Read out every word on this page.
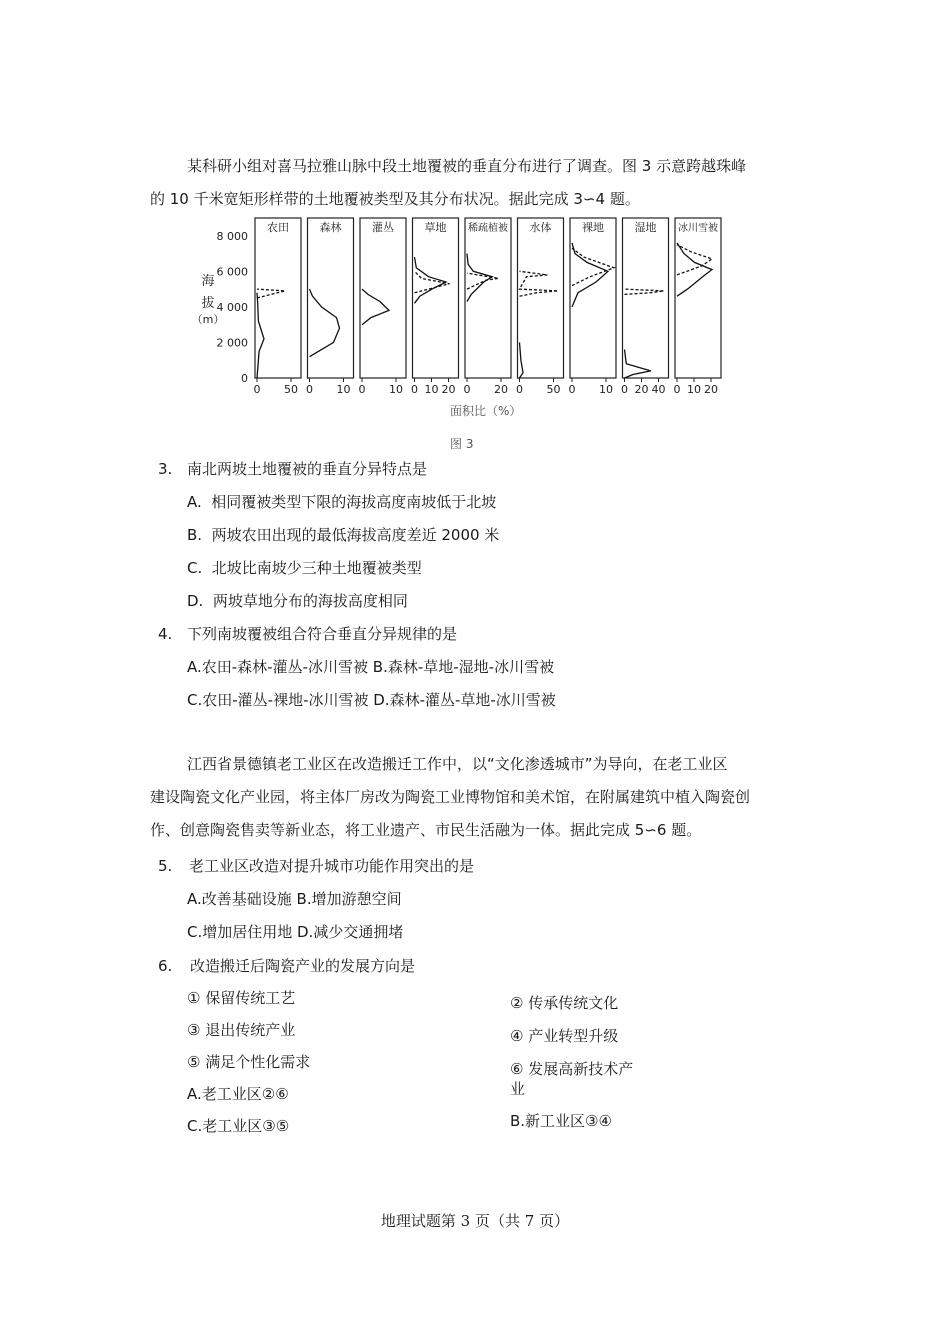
某科研小组对喜马拉雅山脉中段土地覆被的垂直分布进行了调查。图 3 示意跨越珠峰
的 10 千米宽矩形样带的土地覆被类型及其分布状况。据此完成 3∽4 题。
8 000
6 000
4 000
2 000
0
海
拔
（m）
农田
0 50
森林
0 10
灌丛
0 10
草地
0 10 20
稀疏植被
0 20
水体
0 50
裸地
0 10
湿地
0 20 40
冰川雪被
0 10 20
面积比（%）
图 3
3. 南北两坡土地覆被的垂直分异特点是
A.  相同覆被类型下限的海拔高度南坡低于北坡
B.  两坡农田出现的最低海拔高度差近 2000 米
C.  北坡比南坡少三种土地覆被类型
D.  两坡草地分布的海拔高度相同
4. 下列南坡覆被组合符合垂直分异规律的是
A.农田-森林-灌丛-冰川雪被 B.森林-草地-湿地-冰川雪被
C.农田-灌丛-裸地-冰川雪被 D.森林-灌丛-草地-冰川雪被
江西省景德镇老工业区在改造搬迁工作中，以“文化渗透城市”为导向，在老工业区
建设陶瓷文化产业园，将主体厂房改为陶瓷工业博物馆和美术馆，在附属建筑中植入陶瓷创
作、创意陶瓷售卖等新业态，将工业遗产、市民生活融为一体。据此完成 5∽6 题。
5. 老工业区改造对提升城市功能作用突出的是
A.改善基础设施 B.增加游憩空间
C.增加居住用地 D.减少交通拥堵
6. 改造搬迁后陶瓷产业的发展方向是
① 保留传统工艺
③ 退出传统产业
⑤ 满足个性化需求
A.老工业区②⑥
C.老工业区③⑤
② 传承传统文化
④ 产业转型升级
⑥ 发展高新技术产
业
B.新工业区③④
地理试题第 3 页（共 7 页）
